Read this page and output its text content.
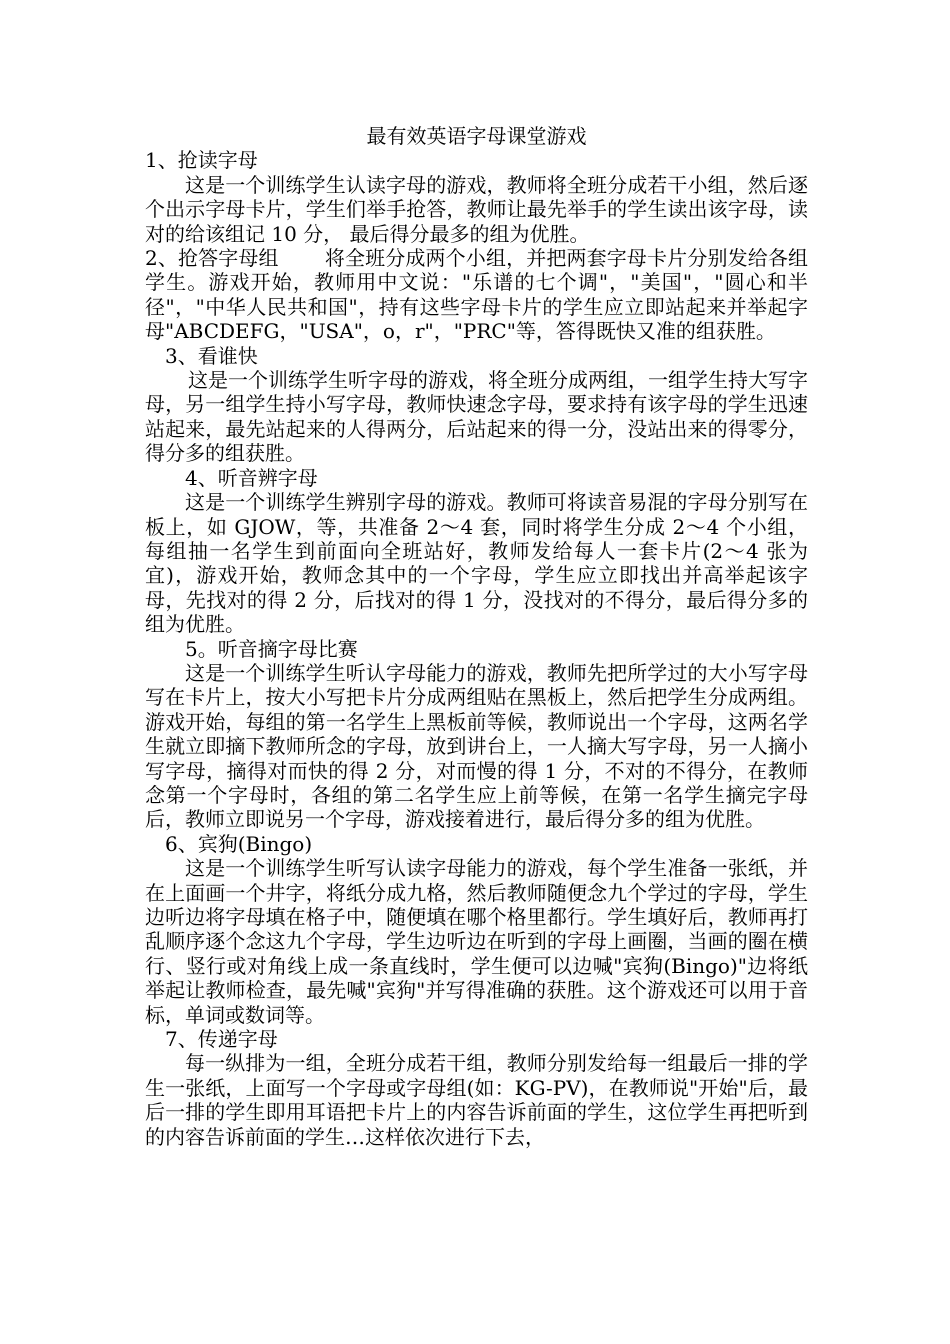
最有效英语字母课堂游戏

1、抢读字母

这是一个训练学生认读字母的游戏，教师将全班分成若干小组，然后逐个出示字母卡片，学生们举手抢答，教师让最先举手的学生读出该字母，读对的给该组记 10 分， 最后得分最多的组为优胜。

2、抢答字母组 将全班分成两个小组，并把两套字母卡片分别发给各组学生。游戏开始，教师用中文说："乐谱的七个调"，"美国"，"圆心和半径"，"中华人民共和国"，持有这些字母卡片的学生应立即站起来并举起字母"ABCDEFG，"USA"，o，r"，"PRC"等，答得既快又准的组获胜。

3、看谁快

这是一个训练学生听字母的游戏，将全班分成两组，一组学生持大写字母，另一组学生持小写字母，教师快速念字母，要求持有该字母的学生迅速站起来，最先站起来的人得两分，后站起来的得一分，没站出来的得零分，得分多的组获胜。

4、听音辨字母

这是一个训练学生辨别字母的游戏。教师可将读音易混的字母分别写在板上，如 GJOW，等，共准备 2～4 套，同时将学生分成 2～4 个小组，每组抽一名学生到前面向全班站好，教师发给每人一套卡片(2～4 张为宜)，游戏开始，教师念其中的一个字母，学生应立即找出并高举起该字母，先找对的得 2 分，后找对的得 1 分，没找对的不得分，最后得分多的组为优胜。

5。听音摘字母比赛

这是一个训练学生听认字母能力的游戏，教师先把所学过的大小写字母写在卡片上，按大小写把卡片分成两组贴在黑板上，然后把学生分成两组。游戏开始，每组的第一名学生上黑板前等候，教师说出一个字母，这两名学生就立即摘下教师所念的字母，放到讲台上，一人摘大写字母，另一人摘小写字母，摘得对而快的得 2 分，对而慢的得 1 分，不对的不得分，在教师念第一个字母时，各组的第二名学生应上前等候，在第一名学生摘完字母后，教师立即说另一个字母，游戏接着进行，最后得分多的组为优胜。

6、宾狗(Bingo)

这是一个训练学生听写认读字母能力的游戏，每个学生准备一张纸，并在上面画一个井字，将纸分成九格，然后教师随便念九个学过的字母，学生边听边将字母填在格子中，随便填在哪个格里都行。学生填好后，教师再打乱顺序逐个念这九个字母，学生边听边在听到的字母上画圈，当画的圈在横行、竖行或对角线上成一条直线时，学生便可以边喊"宾狗(Bingo)"边将纸举起让教师检查，最先喊"宾狗"并写得准确的获胜。这个游戏还可以用于音标，单词或数词等。

7、传递字母

每一纵排为一组，全班分成若干组，教师分别发给每一组最后一排的学生一张纸，上面写一个字母或字母组(如：KG-PV)，在教师说"开始"后，最后一排的学生即用耳语把卡片上的内容告诉前面的学生，这位学生再把听到的内容告诉前面的学生…这样依次进行下去，
